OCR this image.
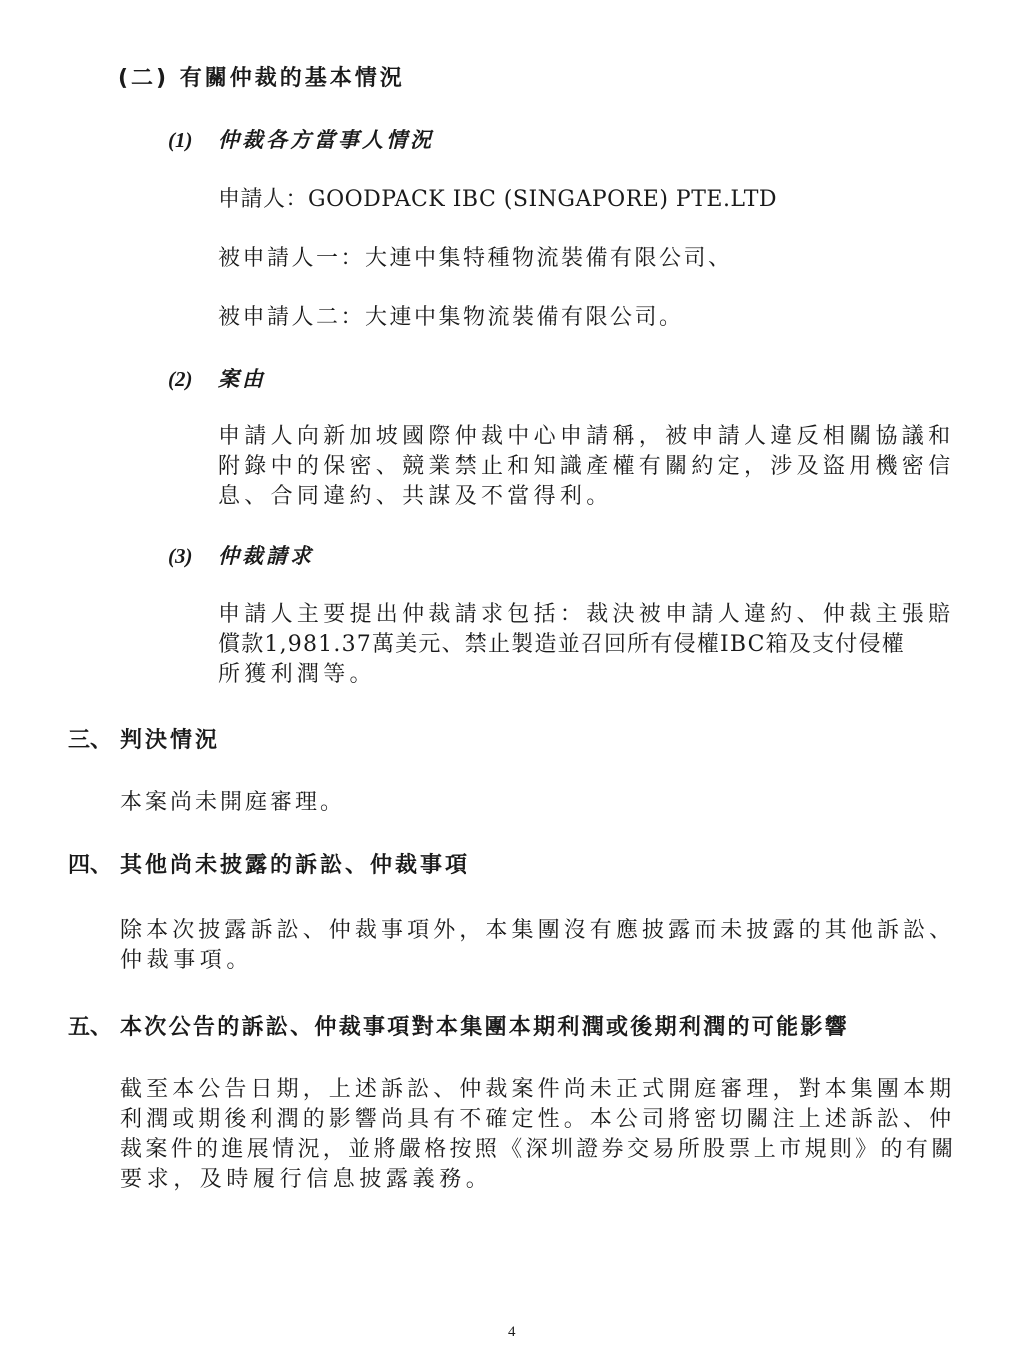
(二) 有關仲裁的基本情況
(1) 仲裁各方當事人情況
申請人：GOODPACK IBC (SINGAPORE) PTE.LTD
被申請人一：大連中集特種物流裝備有限公司、
被申請人二：大連中集物流裝備有限公司。
(2) 案由
申請人向新加坡國際仲裁中心申請稱，被申請人違反相關協議和
附錄中的保密、競業禁止和知識產權有關約定，涉及盜用機密信
息、合同違約、共謀及不當得利。
(3) 仲裁請求
申請人主要提出仲裁請求包括：裁決被申請人違約、仲裁主張賠
償款1,981.37萬美元、禁止製造並召回所有侵權IBC箱及支付侵權
所獲利潤等。
三、 判決情況
本案尚未開庭審理。
四、 其他尚未披露的訴訟、仲裁事項
除本次披露訴訟、仲裁事項外，本集團沒有應披露而未披露的其他訴訟、
仲裁事項。
五、 本次公告的訴訟、仲裁事項對本集團本期利潤或後期利潤的可能影響
截至本公告日期，上述訴訟、仲裁案件尚未正式開庭審理，對本集團本期
利潤或期後利潤的影響尚具有不確定性。本公司將密切關注上述訴訟、仲
裁案件的進展情況，並將嚴格按照《深圳證券交易所股票上市規則》的有關
要求，及時履行信息披露義務。
4
